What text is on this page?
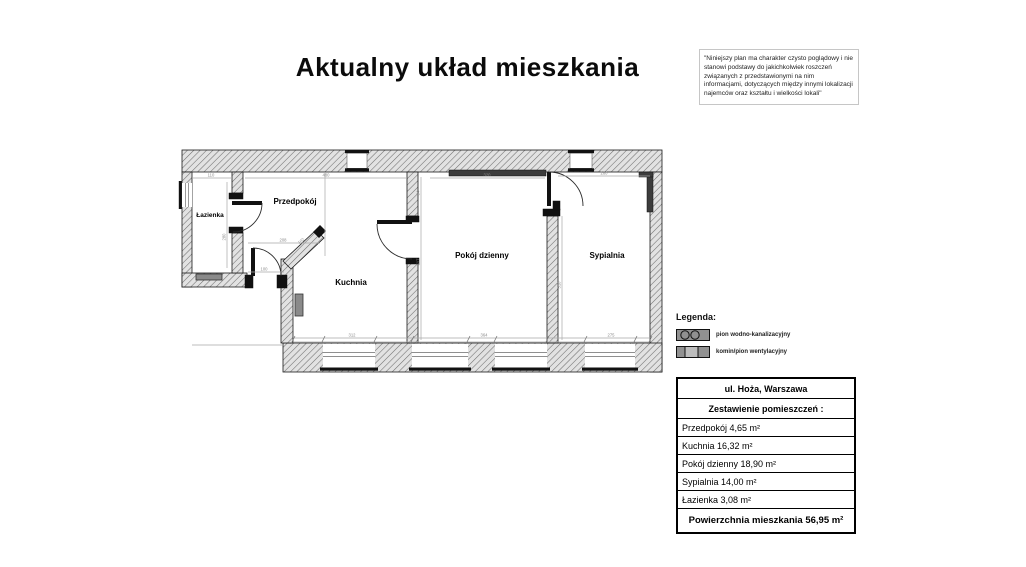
Aktualny układ mieszkania	"Niniejszy plan ma charakter czysto poglądowy i nie stanowi podstawy do jakichkolwiek roszczeń związanych z przedstawionymi na nim informacjami, dotyczących między innymi lokalizacji najemców oraz kształtu i wielkości lokali"
110	480	320	280
280	208
100
102
54
517
510
312	364	275
Łazienka
Przedpokój
Kuchnia
Pokój dzienny	Sypialnia
Legenda:
pion wodno-kanalizacyjny
komin/pion wentylacyjny
ul. Hoża, Warszawa
Zestawienie pomieszczeń :
Przedpokój 4,65 m²
Kuchnia 16,32 m²
Pokój dzienny 18,90 m²
Sypialnia 14,00 m²
Łazienka 3,08 m²
Powierzchnia mieszkania 56,95 m²
